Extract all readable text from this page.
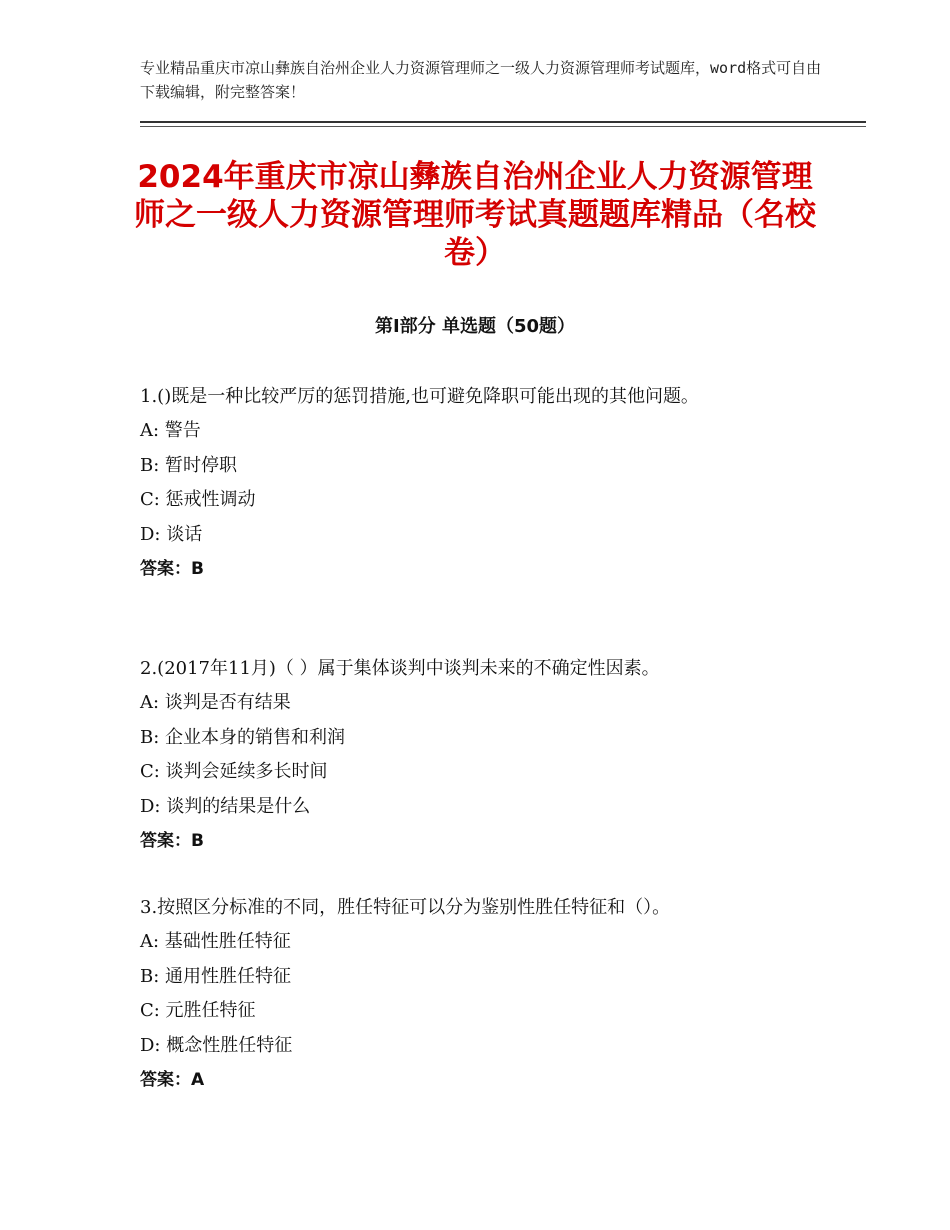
专业精品重庆市凉山彝族自治州企业人力资源管理师之一级人力资源管理师考试题库，word格式可自由下载编辑，附完整答案！
2024年重庆市凉山彝族自治州企业人力资源管理师之一级人力资源管理师考试真题题库精品（名校卷）
第Ⅰ部分 单选题（50题）

1.()既是一种比较严厉的惩罚措施,也可避免降职可能出现的其他问题。

A: 警告

B: 暂时停职

C: 惩戒性调动

D: 谈话

答案：B

2.(2017年11月)（ ）属于集体谈判中谈判未来的不确定性因素。

A: 谈判是否有结果

B: 企业本身的销售和利润

C: 谈判会延续多长时间

D: 谈判的结果是什么

答案：B

3.按照区分标准的不同，胜任特征可以分为鉴别性胜任特征和（）。

A: 基础性胜任特征

B: 通用性胜任特征

C: 元胜任特征

D: 概念性胜任特征

答案：A
